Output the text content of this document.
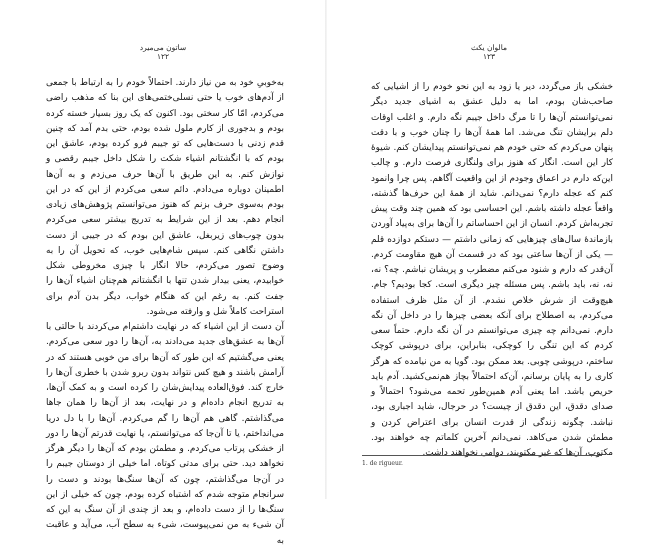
ساتون می‌میرد
۱۲۲

به‌خوبیِ خود به من نیاز دارند. احتمالاً خودم را به ارتباط با جمعی از آدم‌های خوب یا حتی نسلی‌ختمی‌های این بنا که مذهب راضی می‌کردم، امّا کار سختی بود. اکنون که یک روز بسیار خسته کرده بودم و بدجوری از کارم ملول شده بودم، حتی بدم آمد که چنین قدم زدنی با دست‌هایی که تو جیبم فرو کرده بودم، عاشق این بودم که با انگشتانم اشیاء شکت را شکل داخل جیبم رقصی و نوازش کنم. به این طریق با آن‌ها حرف می‌زدم و به آن‌ها اطمینان دوباره می‌دادم. دائم سعی می‌کردم از این که در این بودم به‌سوی حرف بزنم که هنوز می‌توانستم پژوهش‌های زیادی انجام دهم. بعد از این شرایط به تدریج بیشتر سعی می‌کردم بدون چوب‌های زیربغل، عاشق این بودم که در جیبی از دست داشتن نگاهی کنم. سپس شام‌هایی خوب، که تحویل آن را به وضوح تصور می‌کردم، حالا انگار با چیزی مخروطی شکل خوابیدم، یعنی بیدار شدن تنها با انگشتانم هم‌چنان اشیاء آن‌ها را جفت کنم. به رغم این که هنگام خواب، دیگر بدن آدم برای استراحت کاملاً شل و وارفته می‌شود.

آن دست از این اشیاء که در نهایت داشتم‌ام می‌کردند با حالتی با آن‌ها به عشق‌های جدید می‌دادند به، آن‌ها را دور سعی می‌کردم. یعنی می‌گشتیم که این طور که آن‌ها برای من خوبی هستند که در آرامش باشند و هیچ کس نتواند بدون ربرو شدن با خطری آن‌ها را خارج کند. فوق‌العاده پیدایش‌شان را کرده است و به کمک آن‌ها، به تدریج انجام داده‌ام و در نهایت، بعد از آن‌ها را همان جاها می‌گذاشتم. گاهی هم آن‌ها را گم می‌کردم. آن‌ها را با دل دریا می‌انداختم، یا تا آن‌جا که می‌توانستم، یا نهایت قدرتم آن‌ها را دور از خشکی پرتاب می‌کردم. و مطمئن بودم که آن‌ها را دیگر هرگز نخواهد دید. حتی برای مدتی کوتاه. اما خیلی از دوستان جیبم را در آن‌جا می‌گذاشتم، چون که آن‌ها سنگ‌ها بودند و دست را سرانجام متوجه شدم که اشتباه کرده بودم، چون که خیلی از این سنگ‌ها را از دست داده‌ام، و بعد از چندی از آن سنگ به این که آن شیء به من نمی‌پیوست، شیء به سطح آب، می‌آید و عاقبت به

مالوان یکث
۱۲۳

خشکی باز می‌گردد، دیر یا زود به این نحو خودم را از اشیایی که صاحب‌شان بودم، اما به دلیل عشق به اشیای جدید دیگر نمی‌توانستم آن‌ها را تا مرگ داخل جیبم نگه دارم. و اغلب اوقات دلم برایشان تنگ می‌شد. اما همهٔ آن‌ها را چنان خوب و با دقت پنهان می‌کردم که حتی خودم هم نمی‌توانستم پیدایشان کنم. شیوهٔ کار این است. انگار که هنوز برای ولنگاری فرصت دارم. و چالب این‌که دارم در اعماق وجودم از این واقعیت آگاهم. پس چرا وانمود کنم که عجله دارم؟ نمی‌دانم. شاید از همهٔ این حرف‌ها گذشته، واقعاً عجله داشته باشم. این احساسی بود که همین چند وقت پیش تجربه‌اش کردم. انسان از این احساساتم را آن‌ها برای به‌پیاد آوردن بازماندهٔ سال‌های چیزهایی که زمانی داشتم — دستکم دوازده قلم — یکی از آن‌ها ساعتی بود که در قسمت آن هیچ مقاومت کردم. آن‌قدر که دارم و شنود می‌کنم مضطرب و پریشان نباشم. چه؟ نه، نه، نه، باید باشم. پس مسئله چیز دیگری است. کجا بودیم؟ جام. هیچ‌وقت از شرش خلاص نشدم. از آن مثل ظرف استفاده می‌کردم، به اصطلاح برای آنکه بعضی چیزها را در داخل آن نگه دارم. نمی‌دانم چه چیزی می‌توانستم در آن نگه دارم. حتماً سعی کردم که این تنگی را کوچکی، بنابراین، برای درپوشی کوچک ساختم، درپوشی چوبی. بعد ممکن بود. گویا به من نیامده که هرگز کاری را به پایان برسانم، آن‌که احتمالاً بچاز هم‌نمی‌کشید. آدم باید حریص باشد. اما یعنی آدم همین‌طور تحمه می‌شود؟ احتمالاً و صدای دقدق، این دقدق از چیست؟ در حرجال، شاید اجباری بود، نباشد. چگونه زندگی از قدرت انسان برای اعتراض کردن و مطمئن شدن می‌کاهد. نمی‌دانم آخرین کلماتم چه خواهند بود. مکتوب، آن‌ها که غیر مکتوبند، دوامی نخواهند داشت.

1. de rigueur.
